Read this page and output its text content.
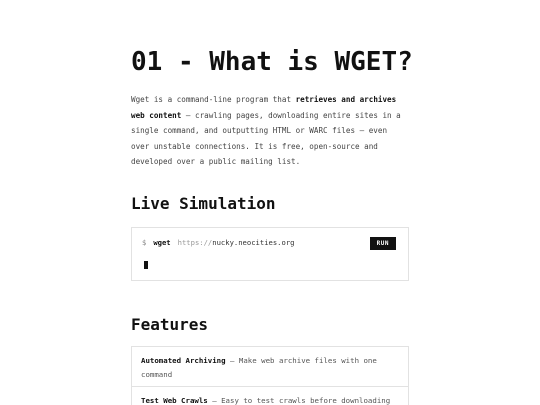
01 - What is WGET?

Wget is a command-line program that retrieves and archives web content — crawling pages, downloading entire sites in a single command, and outputting HTML or WARC files — even over unstable connections. It is free, open-source and developed over a public mailing list.

Live Simulation
$ wget https://nucky.neocities.org	RUN
Features
Automated Archiving — Make web archive files with one command
Test Web Crawls — Easy to test crawls before downloading
